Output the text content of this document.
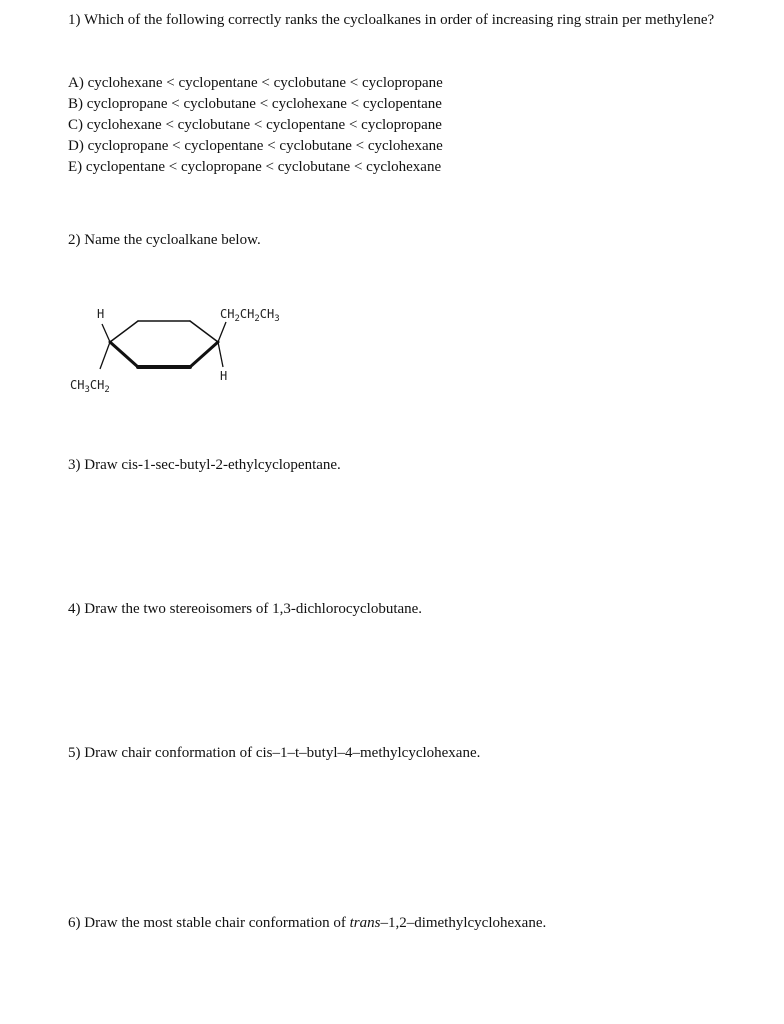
1) Which of the following correctly ranks the cycloalkanes in order of increasing ring strain per methylene?

A) cyclohexane < cyclopentane < cyclobutane < cyclopropane
B) cyclopropane < cyclobutane < cyclohexane < cyclopentane
C) cyclohexane < cyclobutane < cyclopentane < cyclopropane
D) cyclopropane < cyclopentane < cyclobutane < cyclohexane
E) cyclopentane < cyclopropane < cyclobutane < cyclohexane

2) Name the cycloalkane below.

H
H
$CH_2CH_2CH_3$
$CH_3CH_2$

3) Draw cis-1-sec-butyl-2-ethylcyclopentane.

4) Draw the two stereoisomers of 1,3-dichlorocyclobutane.

5) Draw chair conformation of cis–1–t–butyl–4–methylcyclohexane.

6) Draw the most stable chair conformation of trans–1,2–dimethylcyclohexane.
